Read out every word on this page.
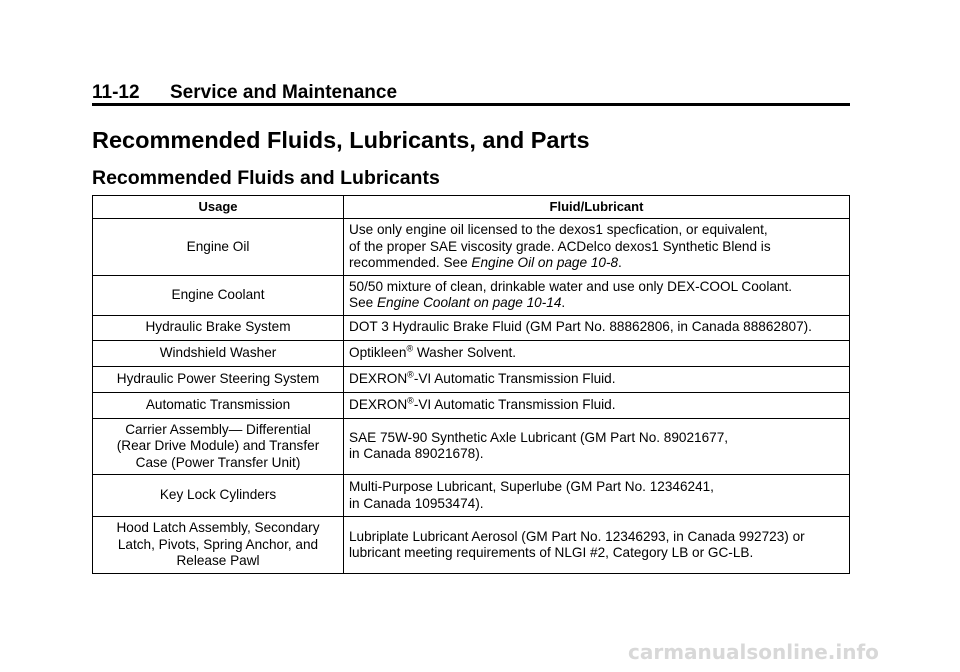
11-12 Service and Maintenance
Recommended Fluids, Lubricants, and Parts
Recommended Fluids and Lubricants
Usage	Fluid/Lubricant
Engine Oil	Use only engine oil licensed to the dexos1 specfication, or equivalent,
of the proper SAE viscosity grade. ACDelco dexos1 Synthetic Blend is
recommended. See Engine Oil on page 10-8.
Engine Coolant	50/50 mixture of clean, drinkable water and use only DEX-COOL Coolant.
See Engine Coolant on page 10-14.
Hydraulic Brake System	DOT 3 Hydraulic Brake Fluid (GM Part No. 88862806, in Canada 88862807).
Windshield Washer	Optikleen® Washer Solvent.
Hydraulic Power Steering System	DEXRON®-VI Automatic Transmission Fluid.
Automatic Transmission	DEXRON®-VI Automatic Transmission Fluid.
Carrier Assembly— Differential
(Rear Drive Module) and Transfer
Case (Power Transfer Unit)	SAE 75W-90 Synthetic Axle Lubricant (GM Part No. 89021677,
in Canada 89021678).
Key Lock Cylinders	Multi-Purpose Lubricant, Superlube (GM Part No. 12346241,
in Canada 10953474).
Hood Latch Assembly, Secondary
Latch, Pivots, Spring Anchor, and
Release Pawl	Lubriplate Lubricant Aerosol (GM Part No. 12346293, in Canada 992723) or
lubricant meeting requirements of NLGI #2, Category LB or GC-LB.
carmanualsonline.info
